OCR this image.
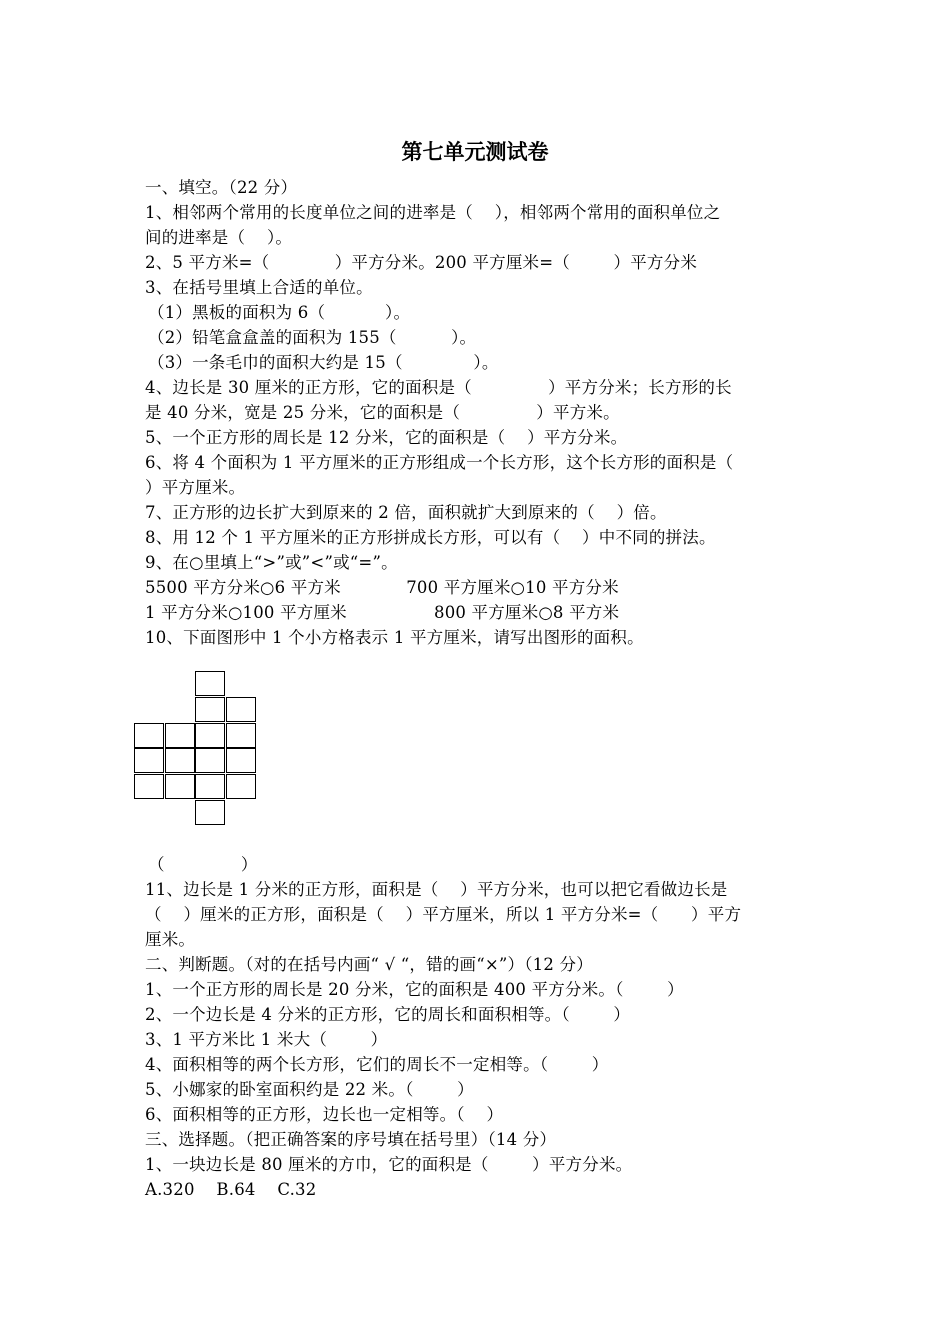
第七单元测试卷
一、填空。（22 分）
1、相邻两个常用的长度单位之间的进率是（    ），相邻两个常用的面积单位之
间的进率是（    ）。
2、5 平方米=（            ）平方分米。200 平方厘米=（        ）平方分米
3、在括号里填上合适的单位。
（1）黑板的面积为 6（           ）。
（2）铅笔盒盒盖的面积为 155（          ）。
（3）一条毛巾的面积大约是 15（             ）。
4、边长是 30 厘米的正方形，它的面积是（              ）平方分米；长方形的长
是 40 分米，宽是 25 分米，它的面积是（              ）平方米。
5、一个正方形的周长是 12 分米，它的面积是（    ）平方分米。
6、将 4 个面积为 1 平方厘米的正方形组成一个长方形，这个长方形的面积是（
）平方厘米。
7、正方形的边长扩大到原来的 2 倍，面积就扩大到原来的（    ）倍。
8、用 12 个 1 平方厘米的正方形拼成长方形，可以有（    ）中不同的拼法。
9、在○里填上“>”或”<”或“=”。
5500 平方分米○6 平方米            700 平方厘米○10 平方分米
1 平方分米○100 平方厘米                800 平方厘米○8 平方米
10、下面图形中 1 个小方格表示 1 平方厘米，请写出图形的面积。
（              ）
11、边长是 1 分米的正方形，面积是（    ）平方分米，也可以把它看做边长是
（    ）厘米的正方形，面积是（    ）平方厘米，所以 1 平方分米=（      ）平方
厘米。
二、判断题。（对的在括号内画“ √ “，错的画“×”）（12 分）
1、一个正方形的周长是 20 分米，它的面积是 400 平方分米。（        ）
2、一个边长是 4 分米的正方形，它的周长和面积相等。（        ）
3、1 平方米比 1 米大（        ）
4、面积相等的两个长方形，它们的周长不一定相等。（        ）
5、小娜家的卧室面积约是 22 米。（        ）
6、面积相等的正方形，边长也一定相等。（    ）
三、选择题。（把正确答案的序号填在括号里）（14 分）
1、一块边长是 80 厘米的方巾，它的面积是（        ）平方分米。
A.320    B.64    C.32
